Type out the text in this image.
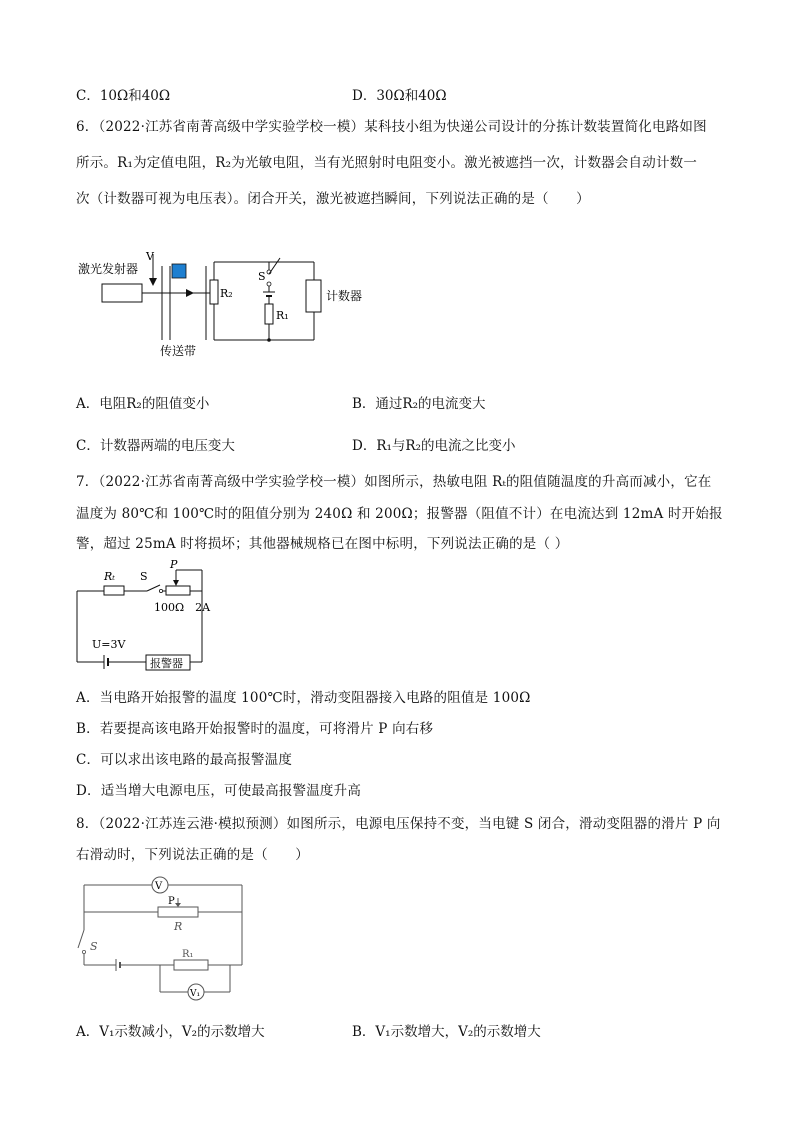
C．10Ω和40Ω	D．30Ω和40Ω
6．（2022·江苏省南菁高级中学实验学校一模）某科技小组为快递公司设计的分拣计数装置简化电路如图
所示。R₁为定值电阻，R₂为光敏电阻，当有光照射时电阻变小。激光被遮挡一次，计数器会自动计数一
次（计数器可视为电压表）。闭合开关，激光被遮挡瞬间，下列说法正确的是（　　）
激光发射器
V
传送带
R₂
S
R₁
计数器
A．电阻R₂的阻值变小	B．通过R₂的电流变大
C．计数器两端的电压变大	D．R₁与R₂的电流之比变小
7．（2022·江苏省南菁高级中学实验学校一模）如图所示，热敏电阻 Rₜ的阻值随温度的升高而减小，它在
温度为 80℃和 100℃时的阻值分别为 240Ω 和 200Ω；报警器（阻值不计）在电流达到 12mA 时开始报
警，超过 25mA 时将损坏；其他器械规格已在图中标明，下列说法正确的是（ ）
Rₜ S
P
100Ω　2A
U=3V
报警器
A．当电路开始报警的温度 100℃时，滑动变阻器接入电路的阻值是 100Ω
B．若要提高该电路开始报警时的温度，可将滑片 P 向右移
C．可以求出该电路的最高报警温度
D．适当增大电源电压，可使最高报警温度升高
8．（2022·江苏连云港·模拟预测）如图所示，电源电压保持不变，当电键 S 闭合，滑动变阻器的滑片 P 向
右滑动时，下列说法正确的是（　　）
V
P
R
S
R₁
V₁
A．V₁示数减小，V₂的示数增大	B．V₁示数增大，V₂的示数增大
